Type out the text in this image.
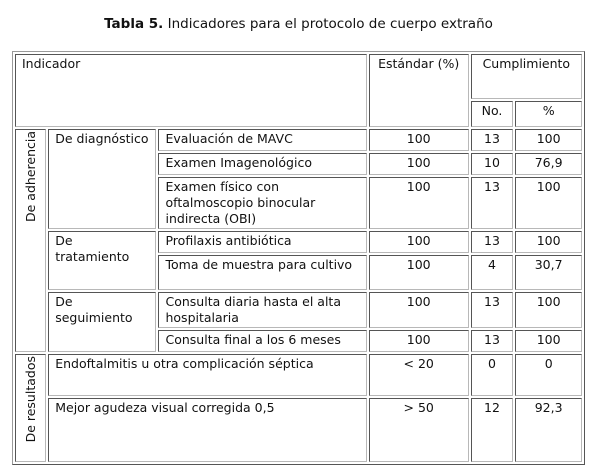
Tabla 5. Indicadores para el protocolo de cuerpo extraño
Indicador			Estándar (%)	Cumplimiento	
				No.	%
De adherencia	De diagnóstico	Evaluación de MAVC	100	13	100
		Examen Imagenológico	100	10	76,9
		Examen físico con oftalmoscopio binocular indirecta (OBI)	100	13	100
	De tratamiento	Profilaxis antibiótica	100	13	100
		Toma de muestra para cultivo	100	4	30,7
	De seguimiento	Consulta diaria hasta el alta hospitalaria	100	13	100
		Consulta final a los 6 meses	100	13	100
De resultados	Endoftalmitis u otra complicación séptica		< 20	0	0
	Mejor agudeza visual corregida 0,5		> 50	12	92,3
